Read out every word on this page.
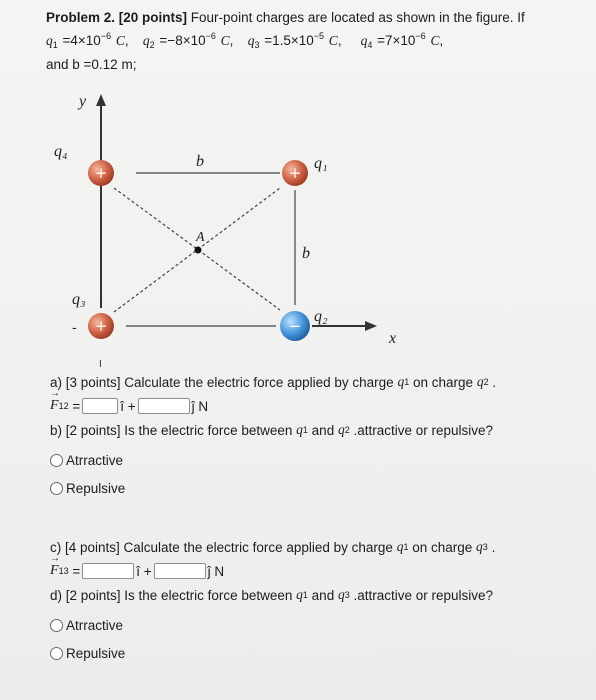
Problem 2. [20 points] Four-point charges are located as shown in the figure. If
$q_1 =4\times 10^{-6}$ C, $q_2 =-8\times 10^{-6}$ C, $q_3 =1.5\times 10^{-5}$ C, $q_4 =7\times 10^{-6}$ C,
and b =0.12 m;
+	+
+	−
y
x
q₄
q₁
q₃
q₂
b
b
A
-
I
a) [3 points] Calculate the electric force applied by charge
q 1
on charge
q 2
.
→ F 12 =	î +	ĵ N
b) [2 points] Is the electric force between
q 1
and
q 2
.attractive or repulsive?
Atrractive
Repulsive
c) [4 points] Calculate the electric force applied by charge
q 1
on charge
q 3
.
→ F 13 =	î +	ĵ N
d) [2 points] Is the electric force between
q 1
and
q 3
.attractive or repulsive?
Atrractive
Repulsive
